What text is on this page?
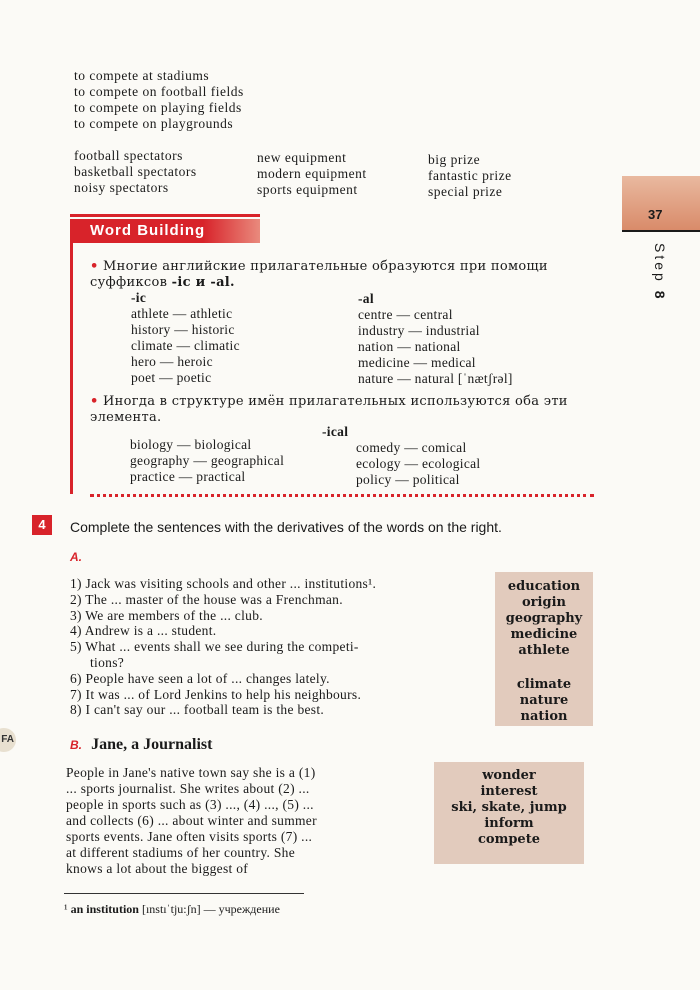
37
Step 8
to compete at stadiums
to compete on football fields
to compete on playing fields
to compete on playgrounds
football spectators
basketball spectators
noisy spectators
new equipment
modern equipment
sports equipment
big prize
fantastic prize
special prize
Word Building
• Многие английские прилагательные образуются при помощи
суффиксов -ic и -al.
-ic
athlete — athletic
history — historic
climate — climatic
hero — heroic
poet — poetic
-al
centre — central
industry — industrial
nation — national
medicine — medical
nature — natural [ˈnætʃrəl]
• Иногда в структуре имён прилагательных используются оба эти
элемента.
-ical
biology — biological
geography — geographical
practice — practical
comedy — comical
ecology — ecological
policy — political
4	Complete the sentences with the derivatives of the words on the right.
A.
1) Jack was visiting schools and other ... institutions¹.
2) The ... master of the house was a Frenchman.
3) We are members of the ... club.
4) Andrew is a ... student.
5) What ... events shall we see during the competi-
tions?
6) People have seen a lot of ... changes lately.
7) It was ... of Lord Jenkins to help his neighbours.
8) I can't say our ... football team is the best.
education
origin
geography
medicine
athlete
climate
nature
nation
FA	B. Jane, a Journalist
People in Jane's native town say she is a (1)
... sports journalist. She writes about (2) ...
people in sports such as (3) ..., (4) ..., (5) ...
and collects (6) ... about winter and summer
sports events. Jane often visits sports (7) ...
at different stadiums of her country. She
knows a lot about the biggest of
wonder
interest
ski, skate, jump
inform
compete
¹ an institution [ınstıˈtju:ʃn] — учреждение
